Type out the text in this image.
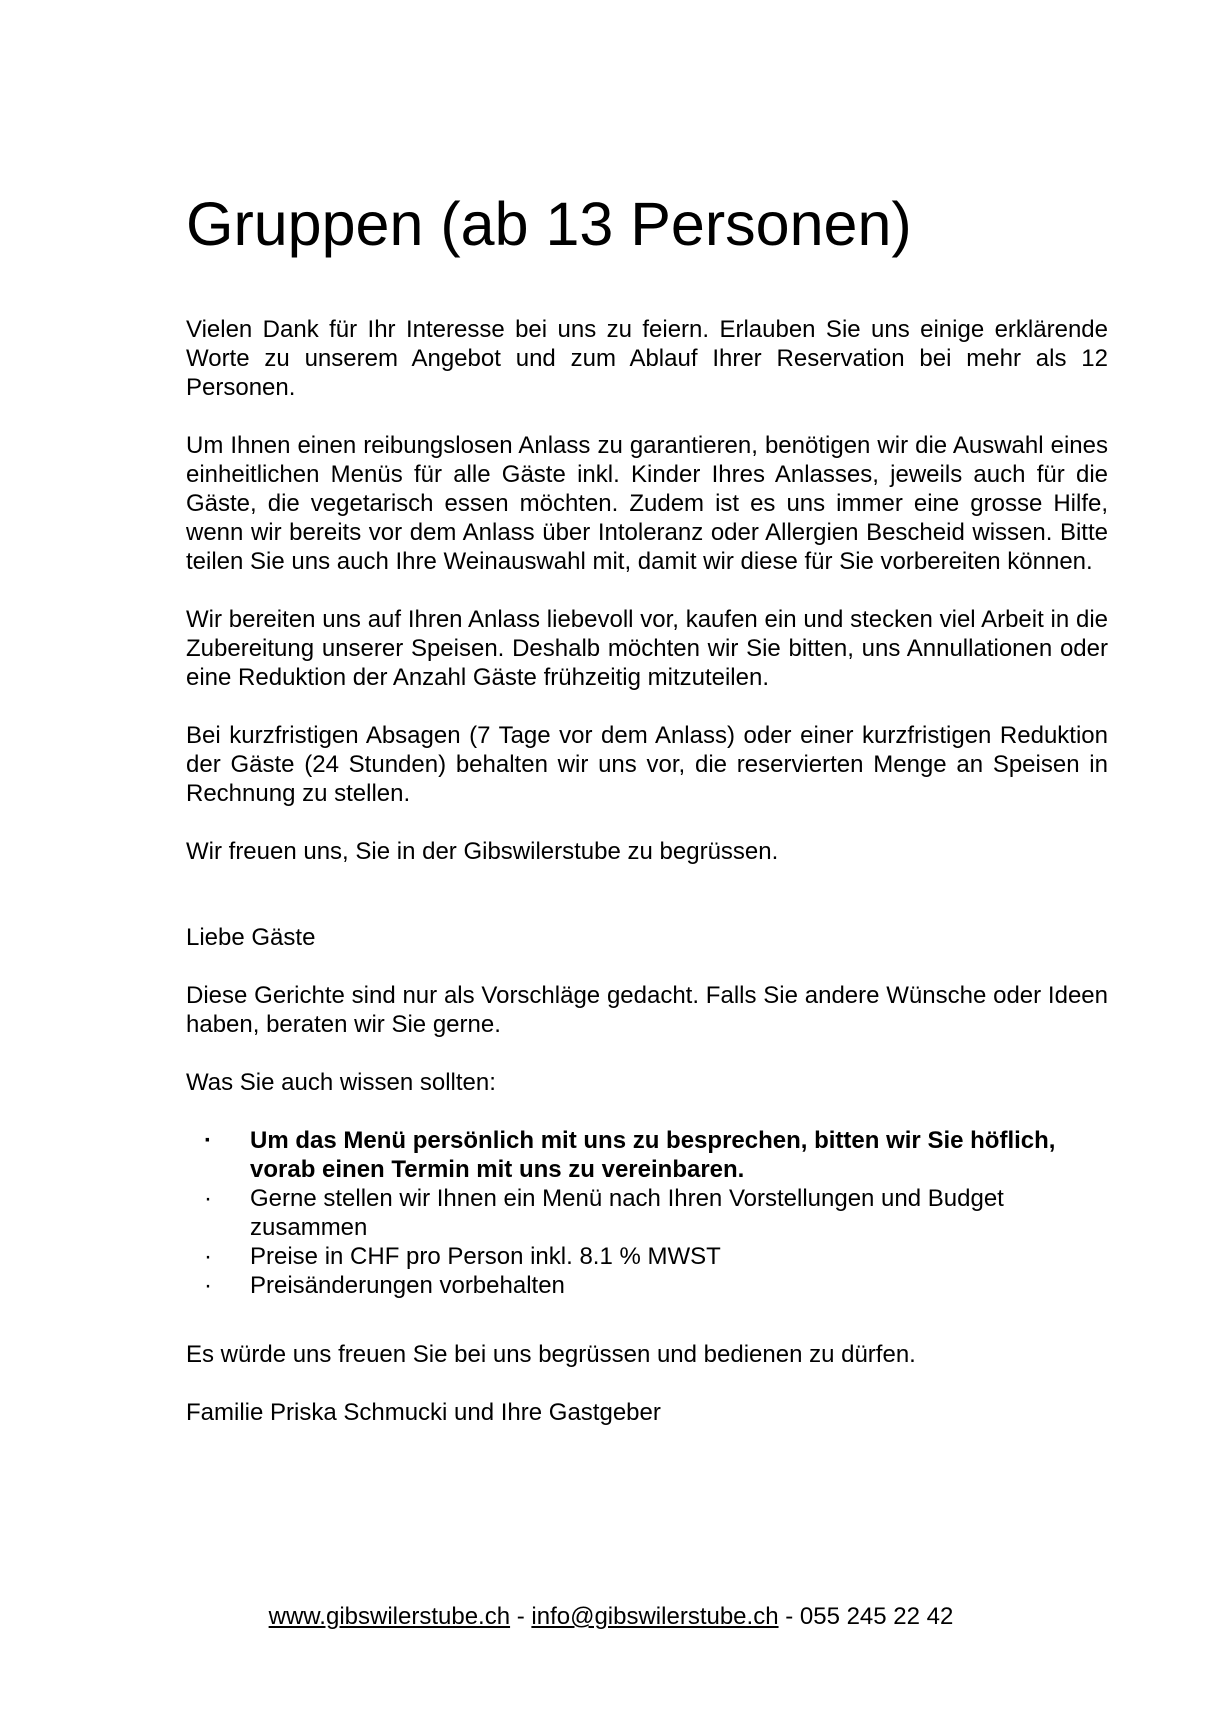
Gruppen (ab 13 Personen)

Vielen Dank für Ihr Interesse bei uns zu feiern. Erlauben Sie uns einige erklärende Worte zu unserem Angebot und zum Ablauf Ihrer Reservation bei mehr als 12 Personen.

Um Ihnen einen reibungslosen Anlass zu garantieren, benötigen wir die Auswahl eines einheitlichen Menüs für alle Gäste inkl. Kinder Ihres Anlasses, jeweils auch für die Gäste, die vegetarisch essen möchten. Zudem ist es uns immer eine grosse Hilfe, wenn wir bereits vor dem Anlass über Intoleranz oder Allergien Bescheid wissen. Bitte teilen Sie uns auch Ihre Weinauswahl mit, damit wir diese für Sie vorbereiten können.

Wir bereiten uns auf Ihren Anlass liebevoll vor, kaufen ein und stecken viel Arbeit in die Zubereitung unserer Speisen. Deshalb möchten wir Sie bitten, uns Annullationen oder eine Reduktion der Anzahl Gäste frühzeitig mitzuteilen.

Bei kurzfristigen Absagen (7 Tage vor dem Anlass) oder einer kurzfristigen Reduktion der Gäste (24 Stunden) behalten wir uns vor, die reservierten Menge an Speisen in Rechnung zu stellen.

Wir freuen uns, Sie in der Gibswilerstube zu begrüssen.

Liebe Gäste

Diese Gerichte sind nur als Vorschläge gedacht. Falls Sie andere Wünsche oder Ideen haben, beraten wir Sie gerne.

Was Sie auch wissen sollten:

· Um das Menü persönlich mit uns zu besprechen, bitten wir Sie höflich, vorab einen Termin mit uns zu vereinbaren.
· Gerne stellen wir Ihnen ein Menü nach Ihren Vorstellungen und Budget zusammen
· Preise in CHF pro Person inkl. 8.1 % MWST
· Preisänderungen vorbehalten

Es würde uns freuen Sie bei uns begrüssen und bedienen zu dürfen.

Familie Priska Schmucki und Ihre Gastgeber

www.gibswilerstube.ch - info@gibswilerstube.ch - 055 245 22 42
